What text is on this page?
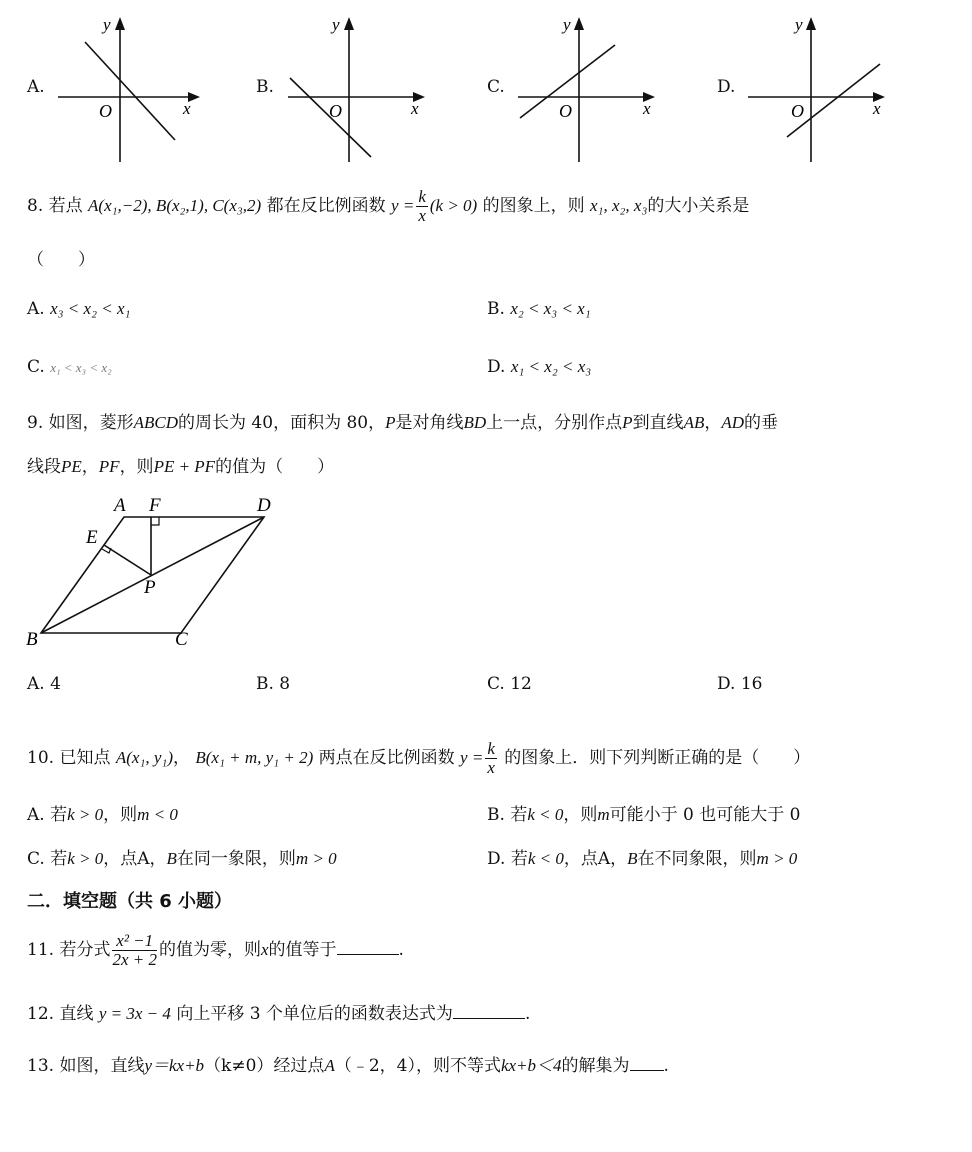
A.
y
x
O
B.
y
x
O
C.
y
x
O
D.
y
x
O
8. 若点 A(x₁,−2), B(x₂,1), C(x₃,2) 都在反比例函数 $y = \frac{k}{x} (k > 0)$ 的图象上，则 x₁, x₂, x₃的大小关系是
（　　）
A. x₃ < x₂ < x₁	B. x₂ < x₃ < x₁
C. x₁ < x₃ < x₂	D. x₁ < x₂ < x₃
9. 如图，菱形ABCD的周长为 40，面积为 80，P是对角线BD上一点，分别作点P到直线AB，AD的垂
线段PE，PF，则PE + PF的值为（　　）
A F	D
E
P
B	C
A. 4	B. 8	C. 12	D. 16
10. 已知点 A(x₁, y₁)， B(x₁ + m, y₁ + 2) 两点在反比例函数 $y = \frac{k}{x}$ 的图象上．则下列判断正确的是（　　）
A. 若k > 0，则m < 0	B. 若k < 0，则m可能小于 0 也可能大于 0
C. 若k > 0，点A，B在同一象限，则m > 0	D. 若k < 0，点A，B在不同象限，则m > 0
二．填空题（共 6 小题）
11. 若分式 $\frac{\text{x² −1}}{2x + 2}$ 的值为零，则x的值等于	.
12. 直线 y = 3x − 4 向上平移 3 个单位后的函数表达式为	.
13. 如图，直线y＝kx+b（k≠0）经过点A（﹣2，4），则不等式kx+b＜4的解集为 .
